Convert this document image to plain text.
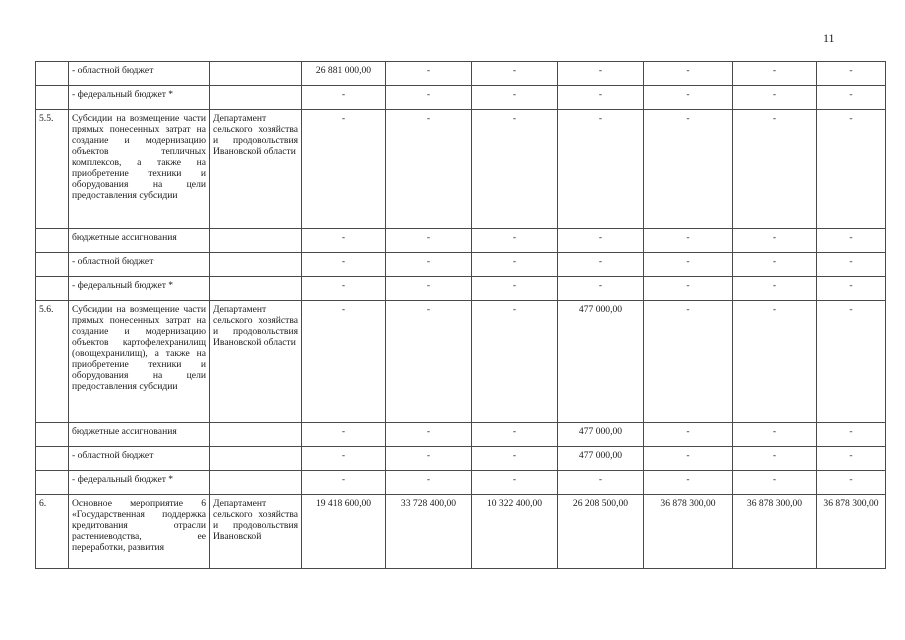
11
	- областной бюджет		26 881 000,00	-	-	-	-	-	-
	- федеральный бюджет *		-	-	-	-	-	-	-
5.5.	Субсидии на возмещение части прямых понесенных затрат на создание и модернизацию объектов тепличных комплексов, а также на приобретение техники и оборудования на цели предоставления субсидии	Департамент сельского хозяйства и продовольствия Ивановской области	-	-	-	-	-	-	-
	бюджетные ассигнования		-	-	-	-	-	-	-
	- областной бюджет		-	-	-	-	-	-	-
	- федеральный бюджет *		-	-	-	-	-	-	-
5.6.	Субсидии на возмещение части прямых понесенных затрат на создание и модернизацию объектов картофелехранилищ (овощехранилищ), а также на приобретение техники и оборудования на цели предоставления субсидии	Департамент сельского хозяйства и продовольствия Ивановской области	-	-	-	477 000,00	-	-	-
	бюджетные ассигнования		-	-	-	477 000,00	-	-	-
	- областной бюджет		-	-	-	477 000,00	-	-	-
	- федеральный бюджет *		-	-	-	-	-	-	-
6.	Основное мероприятие 6 «Государственная поддержка кредитования отрасли растениеводства, ее переработки, развития	Департамент сельского хозяйства и продовольствия Ивановской	19 418 600,00	33 728 400,00	10 322 400,00	26 208 500,00	36 878 300,00	36 878 300,00	36 878 300,00
